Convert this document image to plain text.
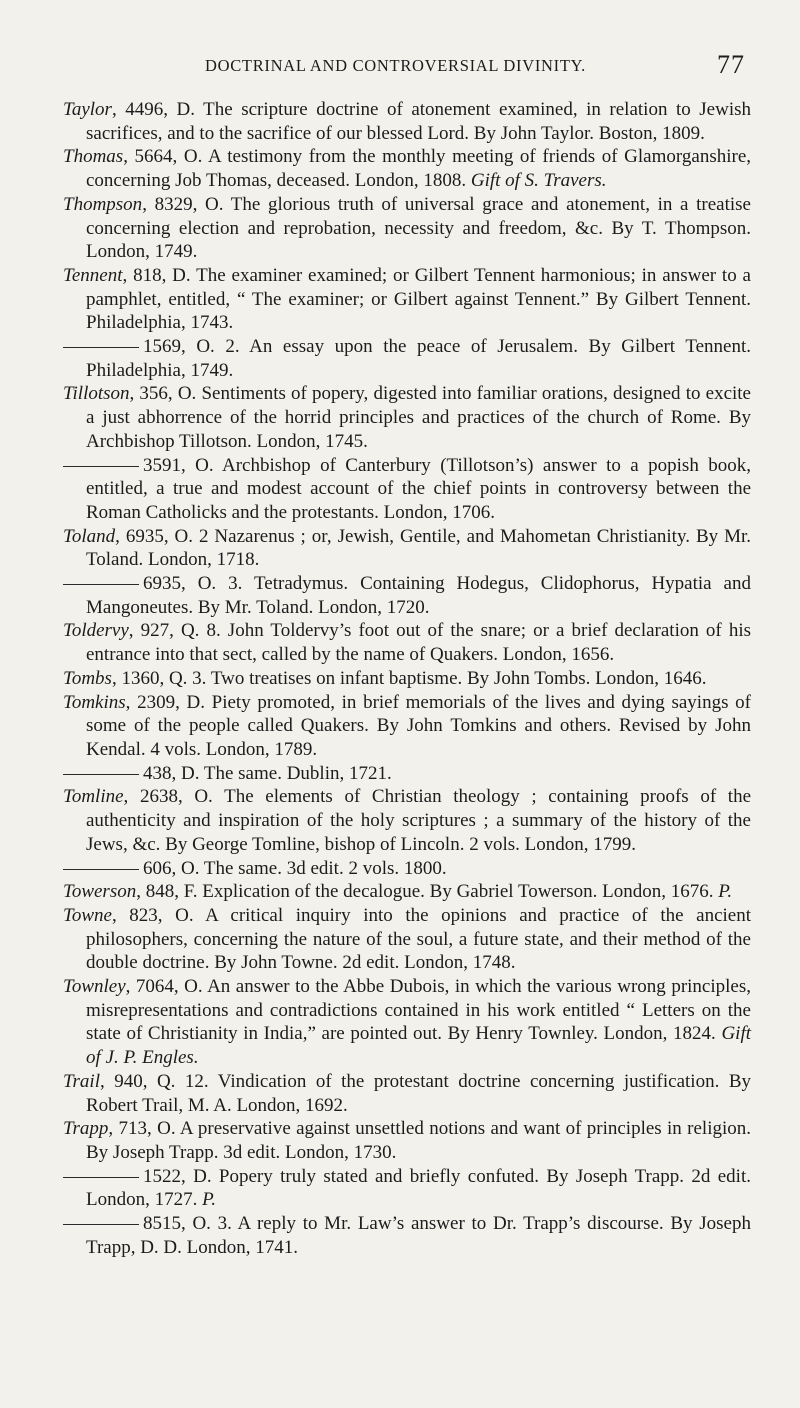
DOCTRINAL AND CONTROVERSIAL DIVINITY.	77

Taylor, 4496, D. The scripture doctrine of atonement examined, in relation to Jewish sacrifices, and to the sacrifice of our blessed Lord. By John Taylor. Boston, 1809.

Thomas, 5664, O. A testimony from the monthly meeting of friends of Glamorganshire, concerning Job Thomas, deceased. London, 1808. Gift of S. Travers.

Thompson, 8329, O. The glorious truth of universal grace and atonement, in a treatise concerning election and reprobation, necessity and freedom, &c. By T. Thompson. London, 1749.

Tennent, 818, D. The examiner examined; or Gilbert Tennent harmonious; in answer to a pamphlet, entitled, “ The examiner; or Gilbert against Tennent.” By Gilbert Tennent. Philadelphia, 1743.

1569, O. 2. An essay upon the peace of Jerusalem. By Gilbert Tennent. Philadelphia, 1749.

Tillotson, 356, O. Sentiments of popery, digested into familiar orations, designed to excite a just abhorrence of the horrid principles and practices of the church of Rome. By Archbishop Tillotson. London, 1745.

3591, O. Archbishop of Canterbury (Tillotson’s) answer to a popish book, entitled, a true and modest account of the chief points in controversy between the Roman Catholicks and the protestants. London, 1706.

Toland, 6935, O. 2 Nazarenus ; or, Jewish, Gentile, and Mahometan Christianity. By Mr. Toland. London, 1718.

6935, O. 3. Tetradymus. Containing Hodegus, Clidophorus, Hypatia and Mangoneutes. By Mr. Toland. London, 1720.

Toldervy, 927, Q. 8. John Toldervy’s foot out of the snare; or a brief declaration of his entrance into that sect, called by the name of Quakers. London, 1656.

Tombs, 1360, Q. 3. Two treatises on infant baptisme. By John Tombs. London, 1646.

Tomkins, 2309, D. Piety promoted, in brief memorials of the lives and dying sayings of some of the people called Quakers. By John Tomkins and others. Revised by John Kendal. 4 vols. London, 1789.

438, D. The same. Dublin, 1721.

Tomline, 2638, O. The elements of Christian theology ; containing proofs of the authenticity and inspiration of the holy scriptures ; a summary of the history of the Jews, &c. By George Tomline, bishop of Lincoln. 2 vols. London, 1799.

606, O. The same. 3d edit. 2 vols. 1800.

Towerson, 848, F. Explication of the decalogue. By Gabriel Towerson. London, 1676. P.

Towne, 823, O. A critical inquiry into the opinions and practice of the ancient philosophers, concerning the nature of the soul, a future state, and their method of the double doctrine. By John Towne. 2d edit. London, 1748.

Townley, 7064, O. An answer to the Abbe Dubois, in which the various wrong principles, misrepresentations and contradictions contained in his work entitled “ Letters on the state of Christianity in India,” are pointed out. By Henry Townley. London, 1824. Gift of J. P. Engles.

Trail, 940, Q. 12. Vindication of the protestant doctrine concerning justification. By Robert Trail, M. A. London, 1692.

Trapp, 713, O. A preservative against unsettled notions and want of principles in religion. By Joseph Trapp. 3d edit. London, 1730.

1522, D. Popery truly stated and briefly confuted. By Joseph Trapp. 2d edit. London, 1727. P.

8515, O. 3. A reply to Mr. Law’s answer to Dr. Trapp’s discourse. By Joseph Trapp, D. D. London, 1741.
